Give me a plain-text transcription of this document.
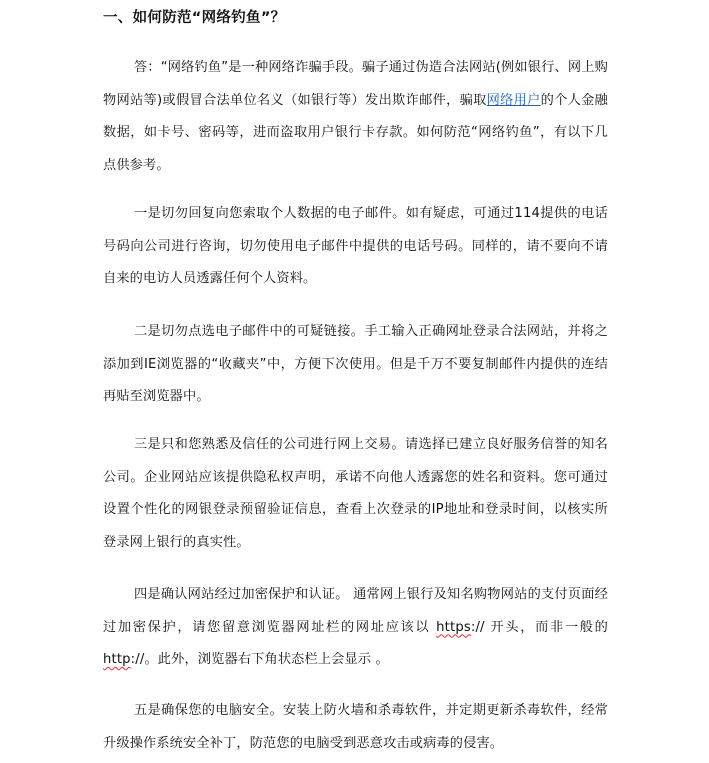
一、如何防范“网络钓鱼”？

答：“网络钓鱼”是一种网络诈骗手段。骗子通过伪造合法网站(例如银行、网上购物网站等)或假冒合法单位名义（如银行等）发出欺诈邮件，骗取网络用户的个人金融数据，如卡号、密码等，进而盗取用户银行卡存款。如何防范“网络钓鱼”，有以下几点供参考。

一是切勿回复向您索取个人数据的电子邮件。如有疑虑，可通过114提供的电话号码向公司进行咨询，切勿使用电子邮件中提供的电话号码。同样的，请不要向不请自来的电访人员透露任何个人资料。

二是切勿点选电子邮件中的可疑链接。手工输入正确网址登录合法网站，并将之添加到IE浏览器的“收藏夹”中，方便下次使用。但是千万不要复制邮件内提供的连结再贴至浏览器中。

三是只和您熟悉及信任的公司进行网上交易。请选择已建立良好服务信誉的知名公司。企业网站应该提供隐私权声明，承诺不向他人透露您的姓名和资料。您可通过设置个性化的网银登录预留验证信息，查看上次登录的IP地址和登录时间，以核实所登录网上银行的真实性。

四是确认网站经过加密保护和认证。 通常网上银行及知名购物网站的支付页面经过加密保护，请您留意浏览器网址栏的网址应该以 https:// 开头，而非一般的 http://。此外，浏览器右下角状态栏上会显示 。

五是确保您的电脑安全。安装上防火墙和杀毒软件，并定期更新杀毒软件，经常升级操作系统安全补丁，防范您的电脑受到恶意攻击或病毒的侵害。
